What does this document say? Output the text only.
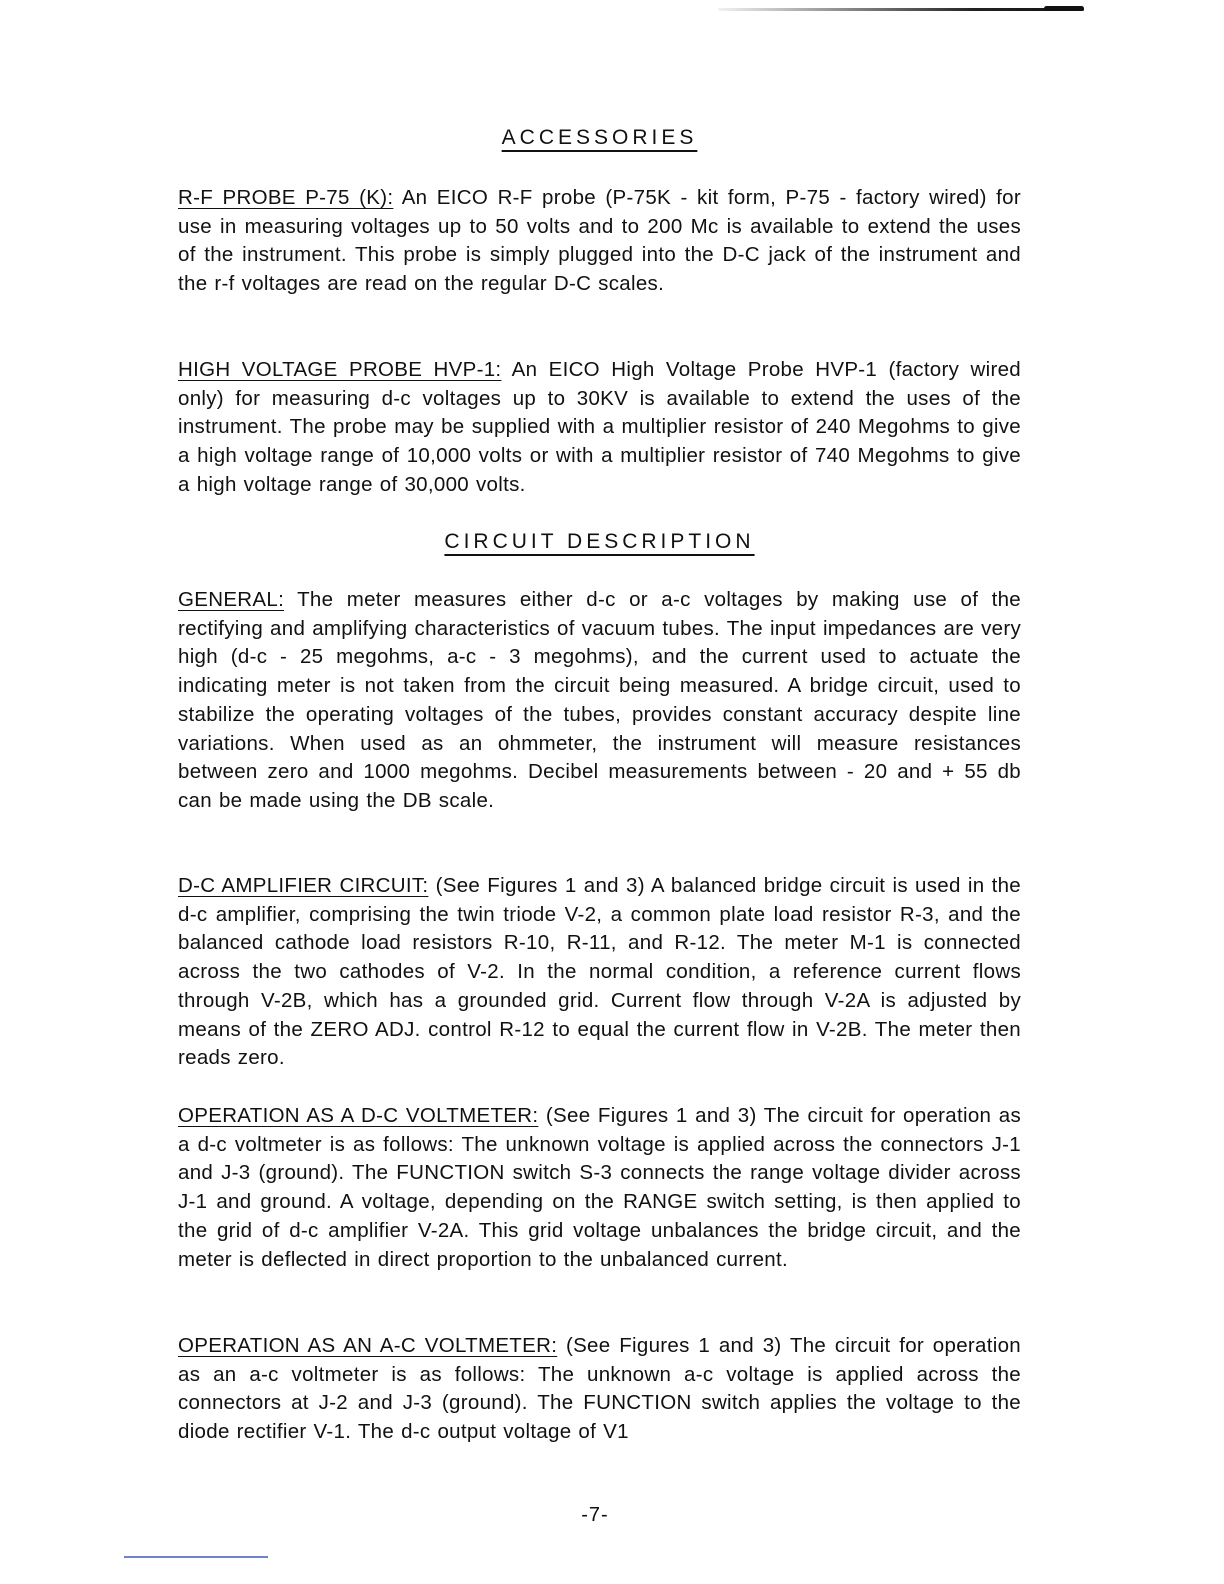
ACCESSORIES

R-F PROBE P-75 (K): An EICO R-F probe (P-75K - kit form, P-75 - factory wired) for use in measuring voltages up to 50 volts and to 200 Mc is available to extend the uses of the instrument. This probe is simply plugged into the D-C jack of the instrument and the r-f voltages are read on the regular D-C scales.

HIGH VOLTAGE PROBE HVP-1: An EICO High Voltage Probe HVP-1 (factory wired only) for measuring d-c voltages up to 30KV is available to extend the uses of the instrument. The probe may be supplied with a multiplier resistor of 240 Megohms to give a high voltage range of 10,000 volts or with a multiplier resistor of 740 Megohms to give a high voltage range of 30,000 volts.

CIRCUIT DESCRIPTION

GENERAL: The meter measures either d-c or a-c voltages by making use of the rectifying and amplifying characteristics of vacuum tubes. The input impedances are very high (d-c - 25 megohms, a-c - 3 megohms), and the current used to actuate the indicating meter is not taken from the circuit being measured. A bridge circuit, used to stabilize the operating voltages of the tubes, provides constant accuracy despite line variations. When used as an ohmmeter, the instrument will measure resistances between zero and 1000 megohms. Decibel measurements between - 20 and + 55 db can be made using the DB scale.

D-C AMPLIFIER CIRCUIT: (See Figures 1 and 3) A balanced bridge circuit is used in the d-c amplifier, comprising the twin triode V-2, a common plate load resistor R-3, and the balanced cathode load resistors R-10, R-11, and R-12. The meter M-1 is connected across the two cathodes of V-2. In the normal condition, a reference current flows through V-2B, which has a grounded grid. Current flow through V-2A is adjusted by means of the ZERO ADJ. control R-12 to equal the current flow in V-2B. The meter then reads zero.

OPERATION AS A D-C VOLTMETER: (See Figures 1 and 3) The circuit for operation as a d-c voltmeter is as follows: The unknown voltage is applied across the connectors J-1 and J-3 (ground). The FUNCTION switch S-3 connects the range voltage divider across J-1 and ground. A voltage, depending on the RANGE switch setting, is then applied to the grid of d-c amplifier V-2A. This grid voltage unbalances the bridge circuit, and the meter is deflected in direct proportion to the unbalanced current.

OPERATION AS AN A-C VOLTMETER: (See Figures 1 and 3) The circuit for operation as an a-c voltmeter is as follows: The unknown a-c voltage is applied across the connectors at J-2 and J-3 (ground). The FUNCTION switch applies the voltage to the diode rectifier V-1. The d-c output voltage of V1

-7-
